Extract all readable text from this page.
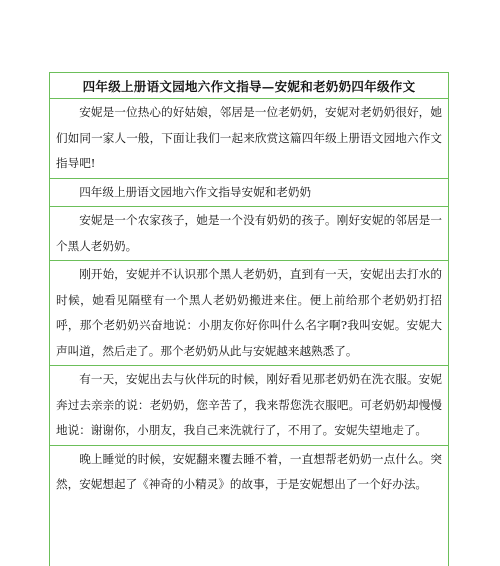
四年级上册语文园地六作文指导—安妮和老奶奶四年级作文
安妮是一位热心的好姑娘，邻居是一位老奶奶，安妮对老奶奶很好，她们如同一家人一般，下面让我们一起来欣赏这篇四年级上册语文园地六作文指导吧!
四年级上册语文园地六作文指导安妮和老奶奶
安妮是一个农家孩子，她是一个没有奶奶的孩子。刚好安妮的邻居是一个黑人老奶奶。
刚开始，安妮并不认识那个黑人老奶奶，直到有一天，安妮出去打水的时候，她看见隔壁有一个黑人老奶奶搬进来住。便上前给那个老奶奶打招呼，那个老奶奶兴奋地说：小朋友你好你叫什么名字啊?我叫安妮。安妮大声叫道，然后走了。那个老奶奶从此与安妮越来越熟悉了。
有一天，安妮出去与伙伴玩的时候，刚好看见那老奶奶在洗衣服。安妮奔过去亲亲的说：老奶奶，您辛苦了，我来帮您洗衣服吧。可老奶奶却慢慢地说：谢谢你，小朋友，我自己来洗就行了，不用了。安妮失望地走了。
晚上睡觉的时候，安妮翻来覆去睡不着，一直想帮老奶奶一点什么。突然，安妮想起了《神奇的小精灵》的故事，于是安妮想出了一个好办法。
